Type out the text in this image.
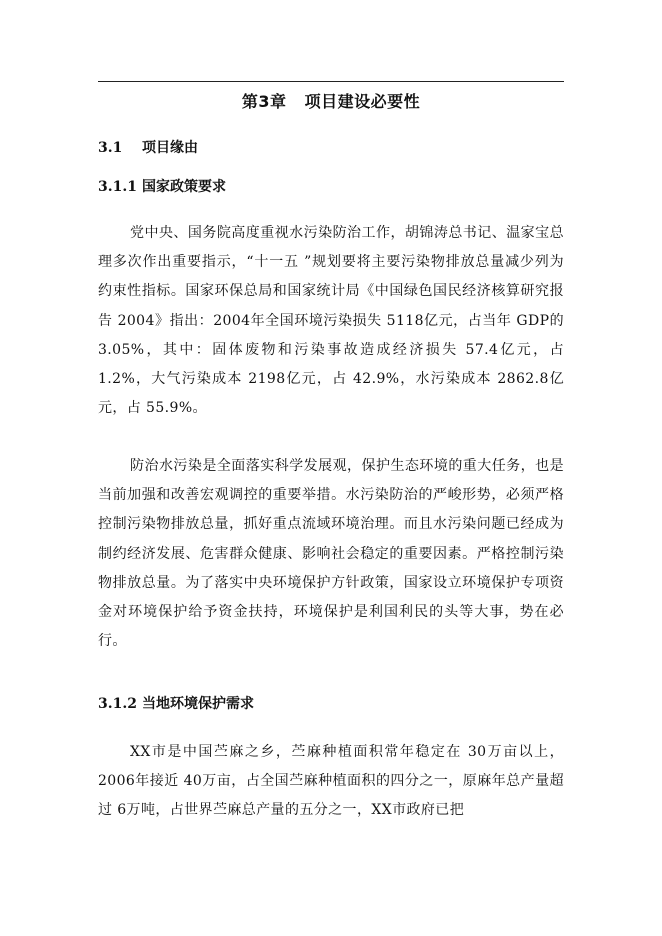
第3章 项目建设必要性
3.1 项目缘由
3.1.1 国家政策要求

党中央、国务院高度重视水污染防治工作，胡锦涛总书记、温家宝总理多次作出重要指示，“十一五 ”规划要将主要污染物排放总量减少列为约束性指标。国家环保总局和国家统计局《中国绿色国民经济核算研究报告 2004》指出：2004年全国环境污染损失 5118亿元，占当年 GDP的 3.05%，其中：固体废物和污染事故造成经济损失 57.4亿元，占 1.2%，大气污染成本 2198亿元，占 42.9%，水污染成本 2862.8亿元，占 55.9%。

防治水污染是全面落实科学发展观，保护生态环境的重大任务，也是当前加强和改善宏观调控的重要举措。水污染防治的严峻形势，必须严格控制污染物排放总量，抓好重点流域环境治理。而且水污染问题已经成为制约经济发展、危害群众健康、影响社会稳定的重要因素。严格控制污染物排放总量。为了落实中央环境保护方针政策，国家设立环境保护专项资金对环境保护给予资金扶持，环境保护是利国利民的头等大事，势在必行。

3.1.2 当地环境保护需求

XX市是中国苎麻之乡，苎麻种植面积常年稳定在 30万亩以上，2006年接近 40万亩，占全国苎麻种植面积的四分之一，原麻年总产量超过 6万吨，占世界苎麻总产量的五分之一，XX市政府已把
